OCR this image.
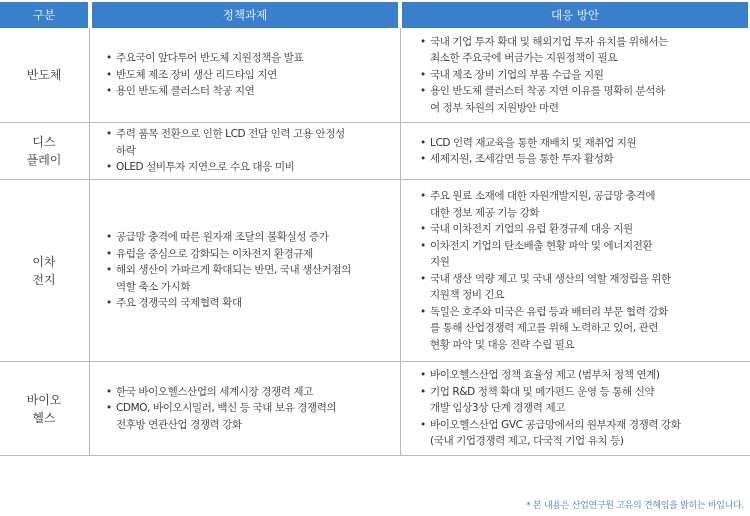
구분	정책과제	대응 방안
반도체
• 주요국이 앞다투어 반도체 지원정책을 발표
• 반도체 제조 장비 생산 리드타임 지연
• 용인 반도체 클러스터 착공 지연
• 국내 기업 투자 확대 및 해외기업 투자 유치를 위해서는
최소한 주요국에 버금가는 지원정책이 필요
• 국내 제조 장비 기업의 부품 수급을 지원
• 용인 반도체 클러스터 착공 지연 이유를 명확히 분석하
여 정부 차원의 지원방안 마련
디스
플레이
• 주력 품목 전환으로 인한 LCD 전담 인력 고용 안정성
하락
• OLED 설비투자 지연으로 수요 대응 미비
• LCD 인력 재교육을 통한 재배치 및 재취업 지원
• 세제지원, 조세감면 등을 통한 투자 활성화
이차
전지
• 공급망 충격에 따른 원자재 조달의 불확실성 증가
• 유럽을 중심으로 강화되는 이차전지 환경규제
• 해외 생산이 가파르게 확대되는 반면, 국내 생산거점의
역할 축소 가시화
• 주요 경쟁국의 국제협력 확대
• 주요 원료 소재에 대한 자원개발지원, 공급망 충격에
대한 정보 제공 기능 강화
• 국내 이차전지 기업의 유럽 환경규제 대응 지원
• 이차전지 기업의 탄소배출 현황 파악 및 에너지전환
지원
• 국내 생산 역량 제고 및 국내 생산의 역할 재정립을 위한
지원책 정비 긴요
• 독일은 호주와 미국은 유럽 등과 배터리 부문 협력 강화
를 통해 산업경쟁력 제고를 위해 노력하고 있어, 관련
현황 파악 및 대응 전략 수립 필요
바이오
헬스
• 한국 바이오헬스산업의 세계시장 경쟁력 제고
• CDMO, 바이오시밀러, 백신 등 국내 보유 경쟁력의
전후방 연관산업 경쟁력 강화
• 바이오헬스산업 정책 효율성 제고 (범부처 정책 연계)
• 기업 R&D 정책 확대 및 메가펀드 운영 등 통해 신약
개발 임상3상 단계 경쟁력 제고
• 바이오헬스산업 GVC 공급망에서의 원부자재 경쟁력 강화
(국내 기업경쟁력 제고, 다국적 기업 유치 등)
* 본 내용은 산업연구원 고유의 견해임을 밝히는 바입니다.
